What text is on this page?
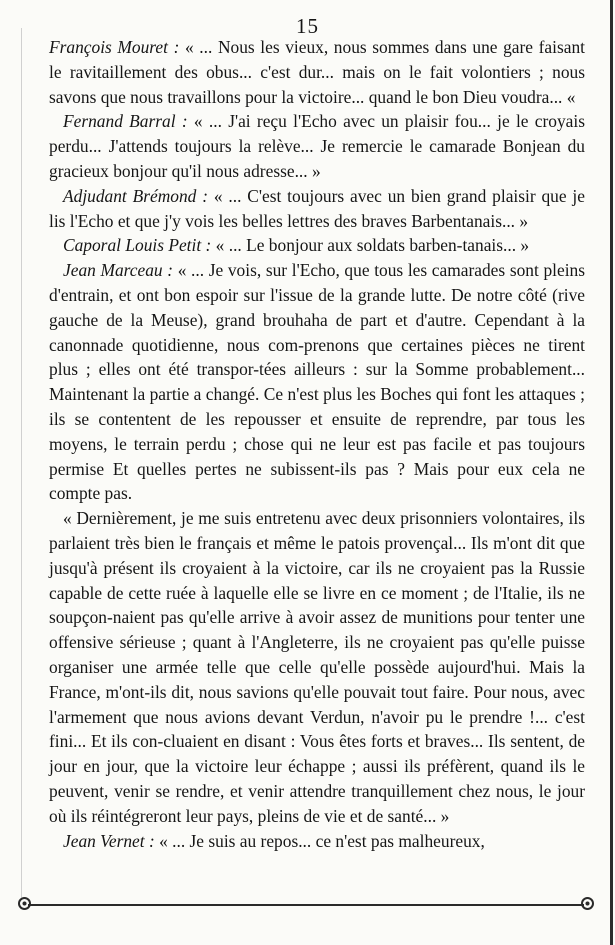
15

François Mouret : « ... Nous les vieux, nous sommes dans une gare faisant le ravitaillement des obus... c'est dur... mais on le fait volontiers ; nous savons que nous travaillons pour la victoire... quand le bon Dieu voudra... «

Fernand Barral : « ... J'ai reçu l'Echo avec un plaisir fou... je le croyais perdu... J'attends toujours la relève... Je remercie le camarade Bonjean du gracieux bonjour qu'il nous adresse... »

Adjudant Brémond : « ... C'est toujours avec un bien grand plaisir que je lis l'Echo et que j'y vois les belles lettres des braves Barbentanais... »

Caporal Louis Petit : « ... Le bonjour aux soldats barben-tanais... »

Jean Marceau : « ... Je vois, sur l'Echo, que tous les camarades sont pleins d'entrain, et ont bon espoir sur l'issue de la grande lutte. De notre côté (rive gauche de la Meuse), grand brouhaha de part et d'autre. Cependant à la canonnade quotidienne, nous com-prenons que certaines pièces ne tirent plus ; elles ont été transpor-tées ailleurs : sur la Somme probablement... Maintenant la partie a changé. Ce n'est plus les Boches qui font les attaques ; ils se contentent de les repousser et ensuite de reprendre, par tous les moyens, le terrain perdu ; chose qui ne leur est pas facile et pas toujours permise Et quelles pertes ne subissent-ils pas ? Mais pour eux cela ne compte pas.

« Dernièrement, je me suis entretenu avec deux prisonniers volontaires, ils parlaient très bien le français et même le patois provençal... Ils m'ont dit que jusqu'à présent ils croyaient à la victoire, car ils ne croyaient pas la Russie capable de cette ruée à laquelle elle se livre en ce moment ; de l'Italie, ils ne soupçon-naient pas qu'elle arrive à avoir assez de munitions pour tenter une offensive sérieuse ; quant à l'Angleterre, ils ne croyaient pas qu'elle puisse organiser une armée telle que celle qu'elle possède aujourd'hui. Mais la France, m'ont-ils dit, nous savions qu'elle pouvait tout faire. Pour nous, avec l'armement que nous avions devant Verdun, n'avoir pu le prendre !... c'est fini... Et ils con-cluaient en disant : Vous êtes forts et braves... Ils sentent, de jour en jour, que la victoire leur échappe ; aussi ils préfèrent, quand ils le peuvent, venir se rendre, et venir attendre tranquillement chez nous, le jour où ils réintégreront leur pays, pleins de vie et de santé... »

Jean Vernet : « ... Je suis au repos... ce n'est pas malheureux,
